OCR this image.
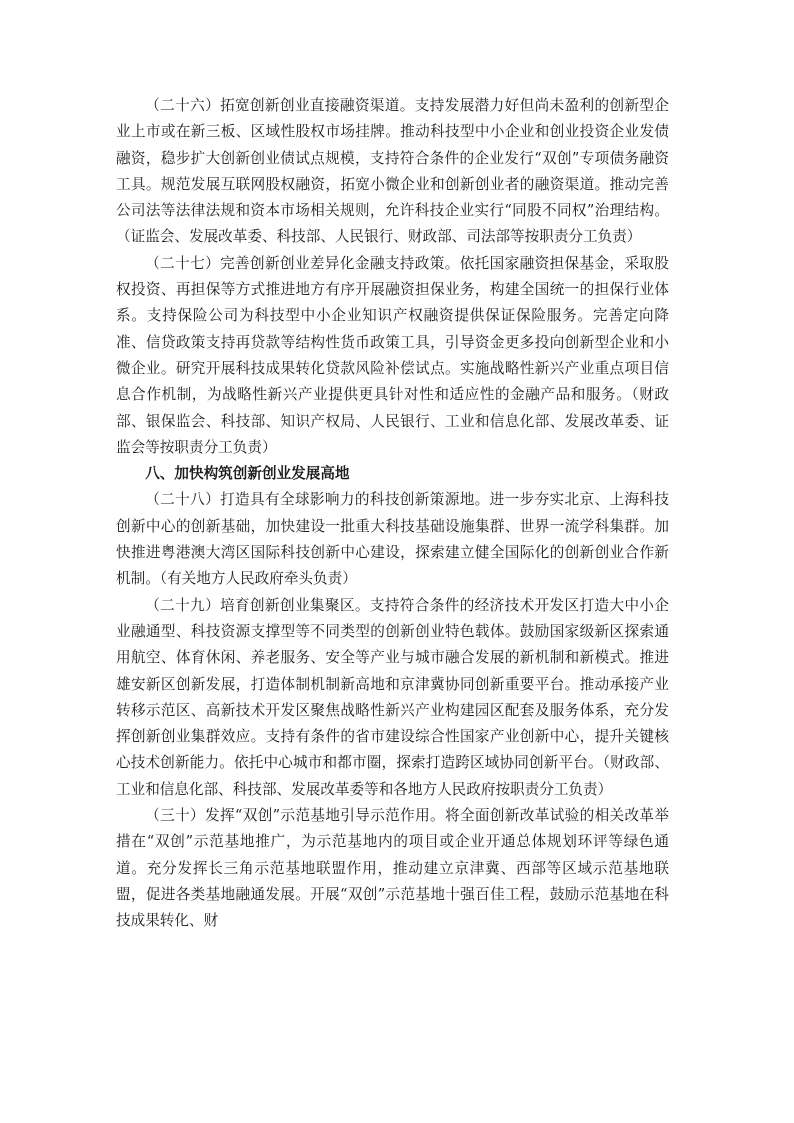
（二十六）拓宽创新创业直接融资渠道。支持发展潜力好但尚未盈利的创新型企业上市或在新三板、区域性股权市场挂牌。推动科技型中小企业和创业投资企业发债融资，稳步扩大创新创业债试点规模，支持符合条件的企业发行“双创”专项债务融资工具。规范发展互联网股权融资，拓宽小微企业和创新创业者的融资渠道。推动完善公司法等法律法规和资本市场相关规则，允许科技企业实行“同股不同权”治理结构。（证监会、发展改革委、科技部、人民银行、财政部、司法部等按职责分工负责）

（二十七）完善创新创业差异化金融支持政策。依托国家融资担保基金，采取股权投资、再担保等方式推进地方有序开展融资担保业务，构建全国统一的担保行业体系。支持保险公司为科技型中小企业知识产权融资提供保证保险服务。完善定向降准、信贷政策支持再贷款等结构性货币政策工具，引导资金更多投向创新型企业和小微企业。研究开展科技成果转化贷款风险补偿试点。实施战略性新兴产业重点项目信息合作机制，为战略性新兴产业提供更具针对性和适应性的金融产品和服务。（财政部、银保监会、科技部、知识产权局、人民银行、工业和信息化部、发展改革委、证监会等按职责分工负责）

八、加快构筑创新创业发展高地

（二十八）打造具有全球影响力的科技创新策源地。进一步夯实北京、上海科技创新中心的创新基础，加快建设一批重大科技基础设施集群、世界一流学科集群。加快推进粤港澳大湾区国际科技创新中心建设，探索建立健全国际化的创新创业合作新机制。（有关地方人民政府牵头负责）

（二十九）培育创新创业集聚区。支持符合条件的经济技术开发区打造大中小企业融通型、科技资源支撑型等不同类型的创新创业特色载体。鼓励国家级新区探索通用航空、体育休闲、养老服务、安全等产业与城市融合发展的新机制和新模式。推进雄安新区创新发展，打造体制机制新高地和京津冀协同创新重要平台。推动承接产业转移示范区、高新技术开发区聚焦战略性新兴产业构建园区配套及服务体系，充分发挥创新创业集群效应。支持有条件的省市建设综合性国家产业创新中心，提升关键核心技术创新能力。依托中心城市和都市圈，探索打造跨区域协同创新平台。（财政部、工业和信息化部、科技部、发展改革委等和各地方人民政府按职责分工负责）

（三十）发挥“双创”示范基地引导示范作用。将全面创新改革试验的相关改革举措在“双创”示范基地推广，为示范基地内的项目或企业开通总体规划环评等绿色通道。充分发挥长三角示范基地联盟作用，推动建立京津冀、西部等区域示范基地联盟，促进各类基地融通发展。开展“双创”示范基地十强百佳工程，鼓励示范基地在科技成果转化、财
